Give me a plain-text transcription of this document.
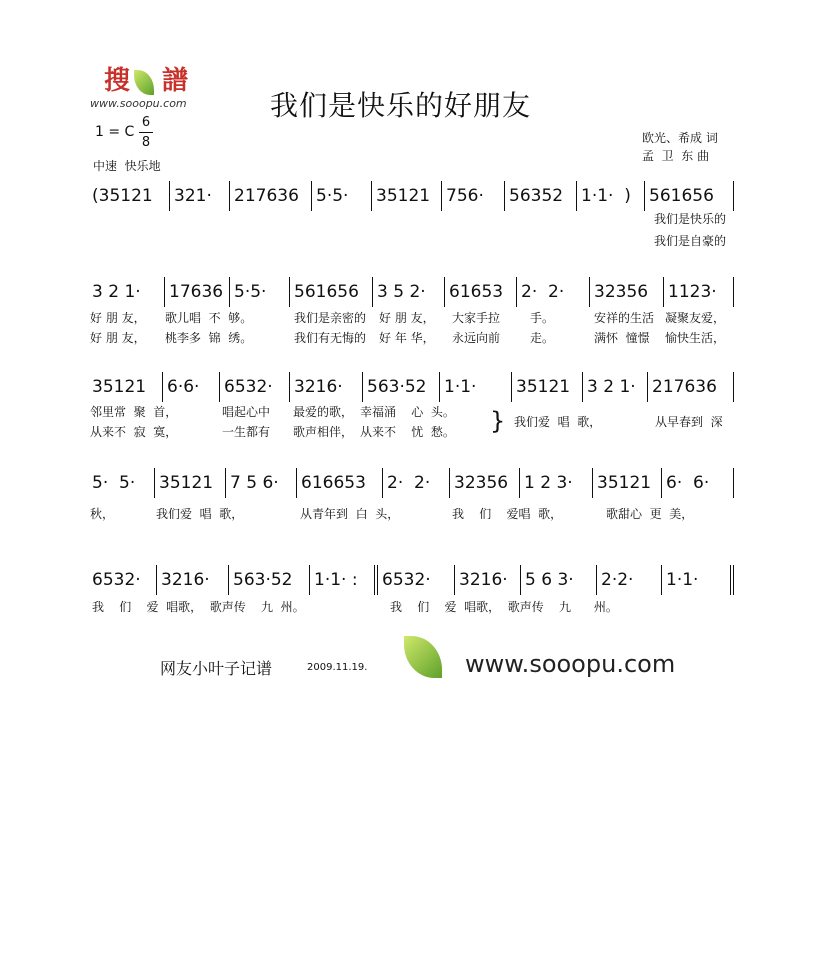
搜譜
www.sooopu.com	我们是快乐的好朋友
1 = C
6
8
中速  快乐地
欧光、希成 词
孟  卫  东 曲
(35121	321·	217636	5·5·	35121 756·	56352	1·1·  )	561656
我们是快乐的
我们是自豪的
3 2 1·	17636 5·5·	561656	3 5 2·	61653	2·  2·	32356	1123·
好 朋 友， 歌儿唱  不  够。	我们是亲密的 好 朋 友， 大家手拉 手。	安祥的生活 凝聚友爱，
好 朋 友， 桃李多  锦  绣。	我们有无悔的 好 年 华， 永远向前 走。	满怀  憧憬 愉快生活，
35121	6·6·	6532·	3216·	563·52	1·1·	35121 3 2 1· 217636
邻里常  聚  首，	唱起心中 最爱的歌， 幸福涌    心  头。
从来不  寂  寞，	一生都有 歌声相伴， 从来不    忧  愁。 } 我们爱  唱  歌，	从早春到  深
5·  5·	35121 7 5 6·	616653	2·  2·	32356 1 2 3·	35121 6·  6·
秋，	我们爱  唱  歌，	从青年到  白  头，	我    们    爱唱  歌，	歌甜心  更  美，
6532·	3216·	563·52	1·1· :	6532·	3216·	5 6 3·	2·2·	1·1·
我    们    爱  唱歌，  歌声传    九  州。	我    们    爱  唱歌，  歌声传    九      州。
网友小叶子记谱	2009.11.19.	www.sooopu.com
